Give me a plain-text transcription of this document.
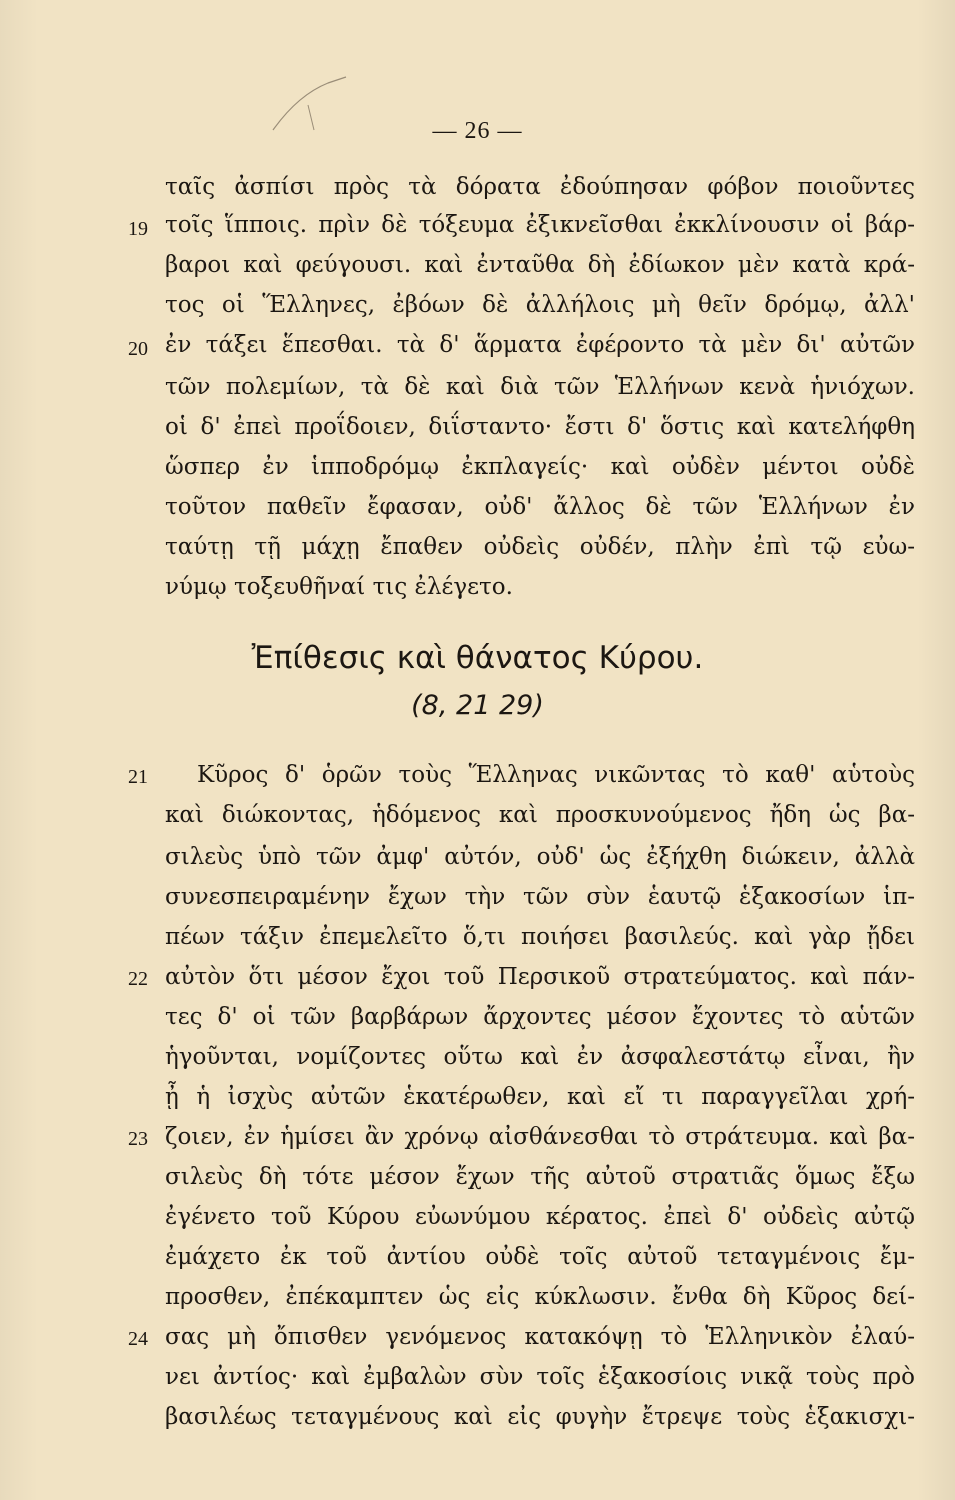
— 26 —
ταῖς ἀσπίσι πρὸς τὰ δόρατα ἐδούπησαν φόβον ποιοῦντες
τοῖς ἵπποις. πρὶν δὲ τόξευμα ἐξικνεῖσθαι ἐκκλίνουσιν οἱ βάρ-
βαροι καὶ φεύγουσι. καὶ ἐνταῦθα δὴ ἐδίωκον μὲν κατὰ κρά-
τος οἱ Ἕλληνες, ἐβόων δὲ ἀλλήλοις μὴ θεῖν δρόμῳ, ἀλλ'
ἐν τάξει ἕπεσθαι. τὰ δ' ἅρματα ἐφέροντο τὰ μὲν δι' αὐτῶν
τῶν πολεμίων, τὰ δὲ καὶ διὰ τῶν Ἑλλήνων κενὰ ἡνιόχων.
οἱ δ' ἐπεὶ προΐδοιεν, διΐσταντο· ἔστι δ' ὅστις καὶ κατελήφθη
ὥσπερ ἐν ἱπποδρόμῳ ἐκπλαγείς· καὶ οὐδὲν μέντοι οὐδὲ
τοῦτον παθεῖν ἔφασαν, οὐδ' ἄλλος δὲ τῶν Ἑλλήνων ἐν
ταύτῃ τῇ μάχῃ ἔπαθεν οὐδεὶς οὐδέν, πλὴν ἐπὶ τῷ εὐω-
νύμῳ τοξευθῆναί τις ἐλέγετο.
19
20
Ἐπίθεσις καὶ θάνατος Κύρου.
(8, 21 29)
Κῦρος δ' ὁρῶν τοὺς Ἕλληνας νικῶντας τὸ καθ' αὑτοὺς
καὶ διώκοντας, ἡδόμενος καὶ προσκυνούμενος ἤδη ὡς βα-
σιλεὺς ὑπὸ τῶν ἀμφ' αὐτόν, οὐδ' ὡς ἐξήχθη διώκειν, ἀλλὰ
συνεσπειραμένην ἔχων τὴν τῶν σὺν ἑαυτῷ ἑξακοσίων ἱπ-
πέων τάξιν ἐπεμελεῖτο ὅ,τι ποιήσει βασιλεύς. καὶ γὰρ ᾔδει
αὐτὸν ὅτι μέσον ἔχοι τοῦ Περσικοῦ στρατεύματος. καὶ πάν-
τες δ' οἱ τῶν βαρβάρων ἄρχοντες μέσον ἔχοντες τὸ αὑτῶν
ἡγοῦνται, νομίζοντες οὕτω καὶ ἐν ἀσφαλεστάτῳ εἶναι, ἢν
ᾖ ἡ ἰσχὺς αὐτῶν ἑκατέρωθεν, καὶ εἴ τι παραγγεῖλαι χρή-
ζοιεν, ἐν ἡμίσει ἂν χρόνῳ αἰσθάνεσθαι τὸ στράτευμα. καὶ βα-
σιλεὺς δὴ τότε μέσον ἔχων τῆς αὐτοῦ στρατιᾶς ὅμως ἔξω
ἐγένετο τοῦ Κύρου εὐωνύμου κέρατος. ἐπεὶ δ' οὐδεὶς αὐτῷ
ἐμάχετο ἐκ τοῦ ἀντίου οὐδὲ τοῖς αὐτοῦ τεταγμένοις ἔμ-
προσθεν, ἐπέκαμπτεν ὡς εἰς κύκλωσιν. ἔνθα δὴ Κῦρος δεί-
σας μὴ ὄπισθεν γενόμενος κατακόψῃ τὸ Ἑλληνικὸν ἐλαύ-
νει ἀντίος· καὶ ἐμβαλὼν σὺν τοῖς ἑξακοσίοις νικᾷ τοὺς πρὸ
βασιλέως τεταγμένους καὶ εἰς φυγὴν ἔτρεψε τοὺς ἑξακισχι-
21
22
23
24
